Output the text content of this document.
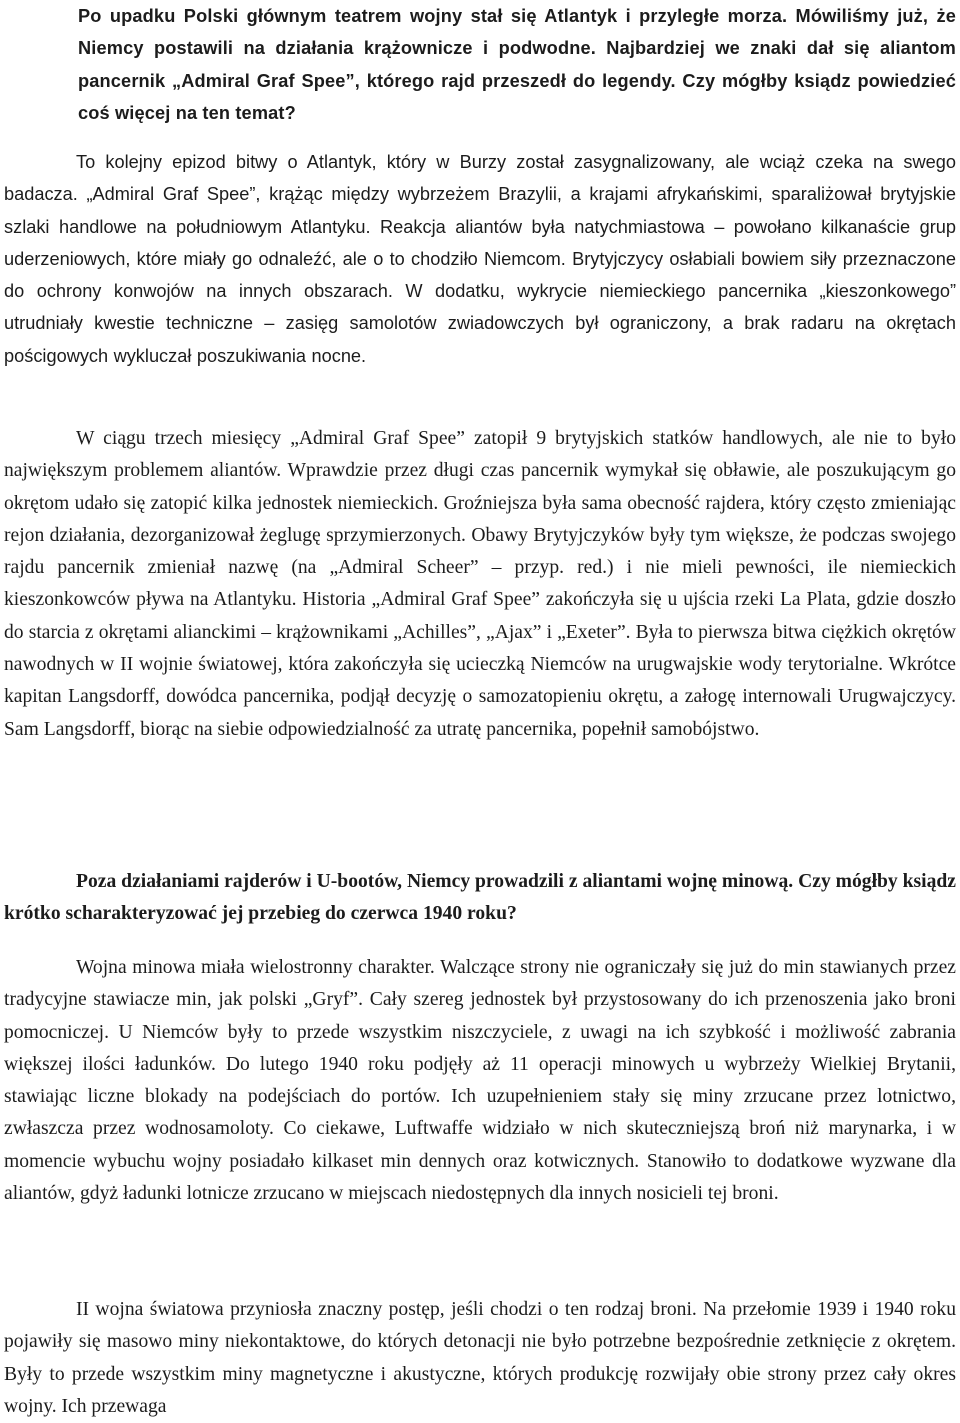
Po upadku Polski głównym teatrem wojny stał się Atlantyk i przyległe morza. Mówiliśmy już, że Niemcy postawili na działania krążownicze i podwodne. Najbardziej we znaki dał się aliantom pancernik „Admiral Graf Spee”, którego rajd przeszedł do legendy. Czy mógłby ksiądz powiedzieć coś więcej na ten temat?

To kolejny epizod bitwy o Atlantyk, który w Burzy został zasygnalizowany, ale wciąż czeka na swego badacza. „Admiral Graf Spee”, krążąc między wybrzeżem Brazylii, a krajami afrykańskimi, sparaliżował brytyjskie szlaki handlowe na południowym Atlantyku. Reakcja aliantów była natychmiastowa – powołano kilkanaście grup uderzeniowych, które miały go odnaleźć, ale o to chodziło Niemcom. Brytyjczycy osłabiali bowiem siły przeznaczone do ochrony konwojów na innych obszarach. W dodatku, wykrycie niemieckiego pancernika „kieszonkowego” utrudniały kwestie techniczne – zasięg samolotów zwiadowczych był ograniczony, a brak radaru na okrętach pościgowych wykluczał poszukiwania nocne.

W ciągu trzech miesięcy „Admiral Graf Spee” zatopił 9 brytyjskich statków handlowych, ale nie to było największym problemem aliantów. Wprawdzie przez długi czas pancernik wymykał się obławie, ale poszukującym go okrętom udało się zatopić kilka jednostek niemieckich. Groźniejsza była sama obecność rajdera, który często zmieniając rejon działania, dezorganizował żeglugę sprzymierzonych. Obawy Brytyjczyków były tym większe, że podczas swojego rajdu pancernik zmieniał nazwę (na „Admiral Scheer” – przyp. red.) i nie mieli pewności, ile niemieckich kieszonkowców pływa na Atlantyku. Historia „Admiral Graf Spee” zakończyła się u ujścia rzeki La Plata, gdzie doszło do starcia z okrętami alianckimi – krążownikami „Achilles”, „Ajax” i „Exeter”. Była to pierwsza bitwa ciężkich okrętów nawodnych w II wojnie światowej, która zakończyła się ucieczką Niemców na urugwajskie wody terytorialne. Wkrótce kapitan Langsdorff, dowódca pancernika, podjął decyzję o samozatopieniu okrętu, a załogę internowali Urugwajczycy. Sam Langsdorff, biorąc na siebie odpowiedzialność za utratę pancernika, popełnił samobójstwo.

Poza działaniami rajderów i U-bootów, Niemcy prowadzili z aliantami wojnę minową. Czy mógłby ksiądz krótko scharakteryzować jej przebieg do czerwca 1940 roku?

Wojna minowa miała wielostronny charakter. Walczące strony nie ograniczały się już do min stawianych przez tradycyjne stawiacze min, jak polski „Gryf”. Cały szereg jednostek był przystosowany do ich przenoszenia jako broni pomocniczej. U Niemców były to przede wszystkim niszczyciele, z uwagi na ich szybkość i możliwość zabrania większej ilości ładunków. Do lutego 1940 roku podjęły aż 11 operacji minowych u wybrzeży Wielkiej Brytanii, stawiając liczne blokady na podejściach do portów. Ich uzupełnieniem stały się miny zrzucane przez lotnictwo, zwłaszcza przez wodnosamoloty. Co ciekawe, Luftwaffe widziało w nich skuteczniejszą broń niż marynarka, i w momencie wybuchu wojny posiadało kilkaset min dennych oraz kotwicznych. Stanowiło to dodatkowe wyzwane dla aliantów, gdyż ładunki lotnicze zrzucano w miejscach niedostępnych dla innych nosicieli tej broni.

II wojna światowa przyniosła znaczny postęp, jeśli chodzi o ten rodzaj broni. Na przełomie 1939 i 1940 roku pojawiły się masowo miny niekontaktowe, do których detonacji nie było potrzebne bezpośrednie zetknięcie z okrętem. Były to przede wszystkim miny magnetyczne i akustyczne, których produkcję rozwijały obie strony przez cały okres wojny. Ich przewaga
